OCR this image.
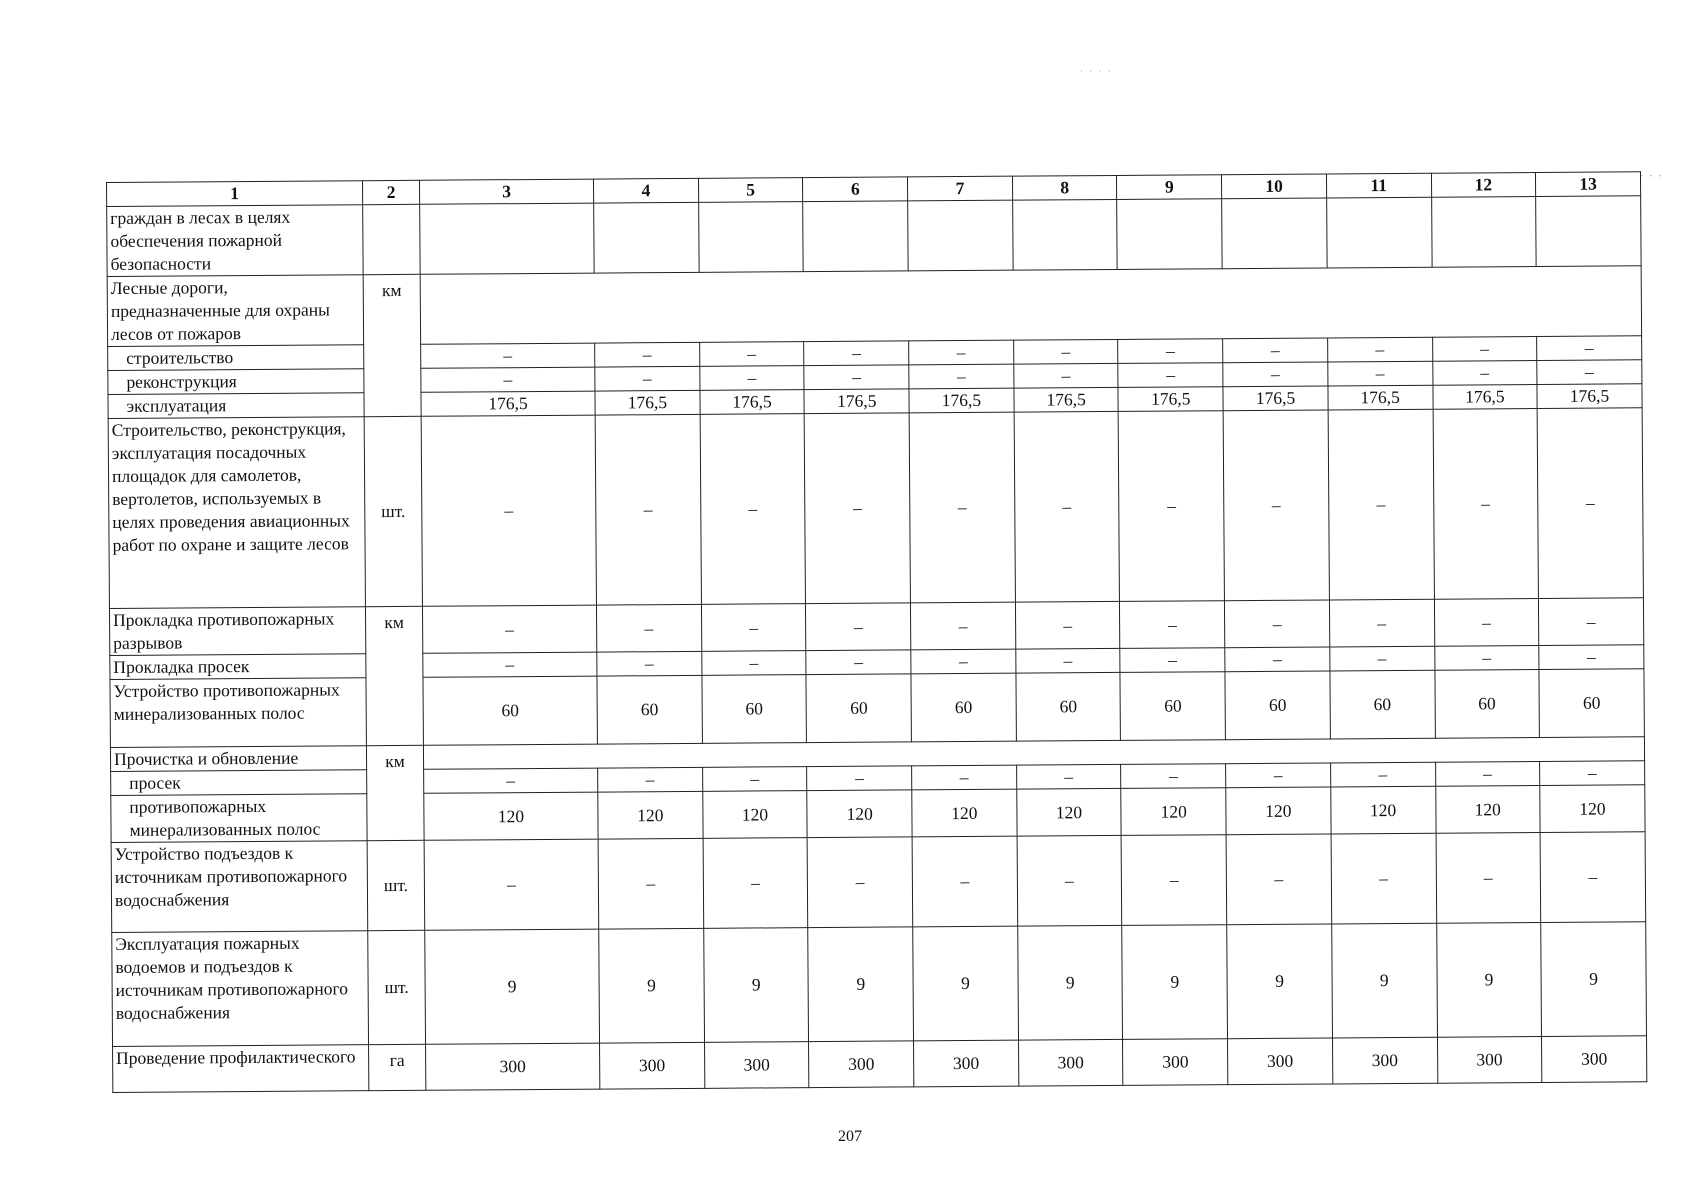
· · · ·
- - -
1	2	3	4	5	6	7	8	9	10	11	12	13
граждан в лесах в целях обеспечения пожарной безопасности												
Лесные дороги, предназначенные для охраны лесов от пожаров	км											
строительство		–	–	–	–	–	–	–	–	–	–	–
реконструкция		–	–	–	–	–	–	–	–	–	–	–
эксплуатация		176,5	176,5	176,5	176,5	176,5	176,5	176,5	176,5	176,5	176,5	176,5
Строительство, реконструкция, эксплуатация посадочных площадок для самолетов, вертолетов, используемых в целях проведения авиационных работ по охране и защите лесов	шт.	–	–	–	–	–	–	–	–	–	–	–
Прокладка противопожарных разрывов	км	–	–	–	–	–	–	–	–	–	–	–
Прокладка просек		–	–	–	–	–	–	–	–	–	–	–
Устройство противопожарных минерализованных полос		60	60	60	60	60	60	60	60	60	60	60
Прочистка и обновление	км											
просек		–	–	–	–	–	–	–	–	–	–	–
противопожарных минерализованных полос		120	120	120	120	120	120	120	120	120	120	120
Устройство подъездов к источникам противопожарного водоснабжения	шт.	–	–	–	–	–	–	–	–	–	–	–
Эксплуатация пожарных водоемов и подъездов к источникам противопожарного водоснабжения	шт.	9	9	9	9	9	9	9	9	9	9	9
Проведение профилактического	га	300	300	300	300	300	300	300	300	300	300	300
207
